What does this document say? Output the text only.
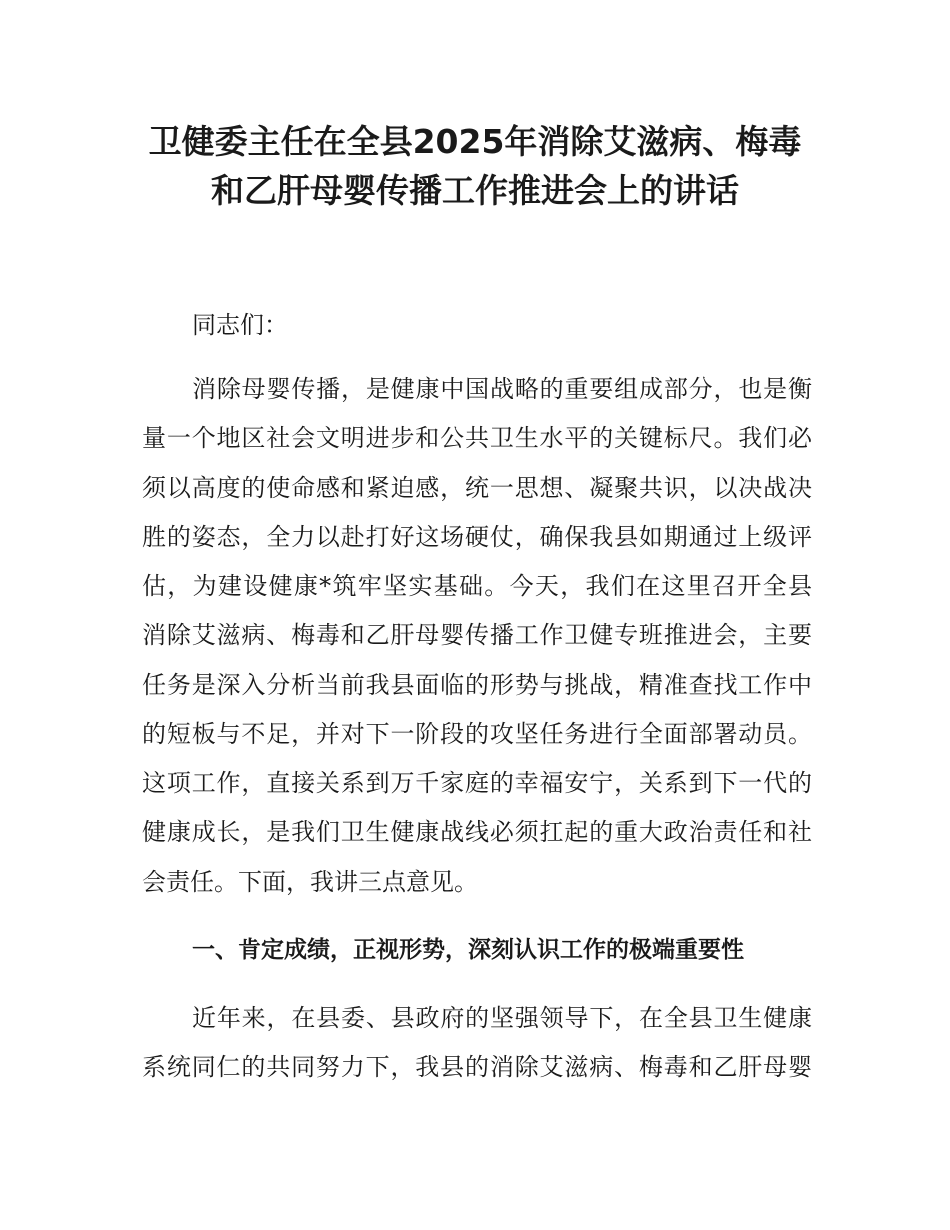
卫健委主任在全县2025年消除艾滋病、梅毒
和乙肝母婴传播工作推进会上的讲话

同志们：

消除母婴传播，是健康中国战略的重要组成部分，也是衡

量一个地区社会文明进步和公共卫生水平的关键标尺。我们必

须以高度的使命感和紧迫感，统一思想、凝聚共识，以决战决

胜的姿态，全力以赴打好这场硬仗，确保我县如期通过上级评

估，为建设健康*筑牢坚实基础。今天，我们在这里召开全县

消除艾滋病、梅毒和乙肝母婴传播工作卫健专班推进会，主要

任务是深入分析当前我县面临的形势与挑战，精准查找工作中

的短板与不足，并对下一阶段的攻坚任务进行全面部署动员。

这项工作，直接关系到万千家庭的幸福安宁，关系到下一代的

健康成长，是我们卫生健康战线必须扛起的重大政治责任和社

会责任。下面，我讲三点意见。

一、肯定成绩，正视形势，深刻认识工作的极端重要性

近年来，在县委、县政府的坚强领导下，在全县卫生健康

系统同仁的共同努力下，我县的消除艾滋病、梅毒和乙肝母婴
